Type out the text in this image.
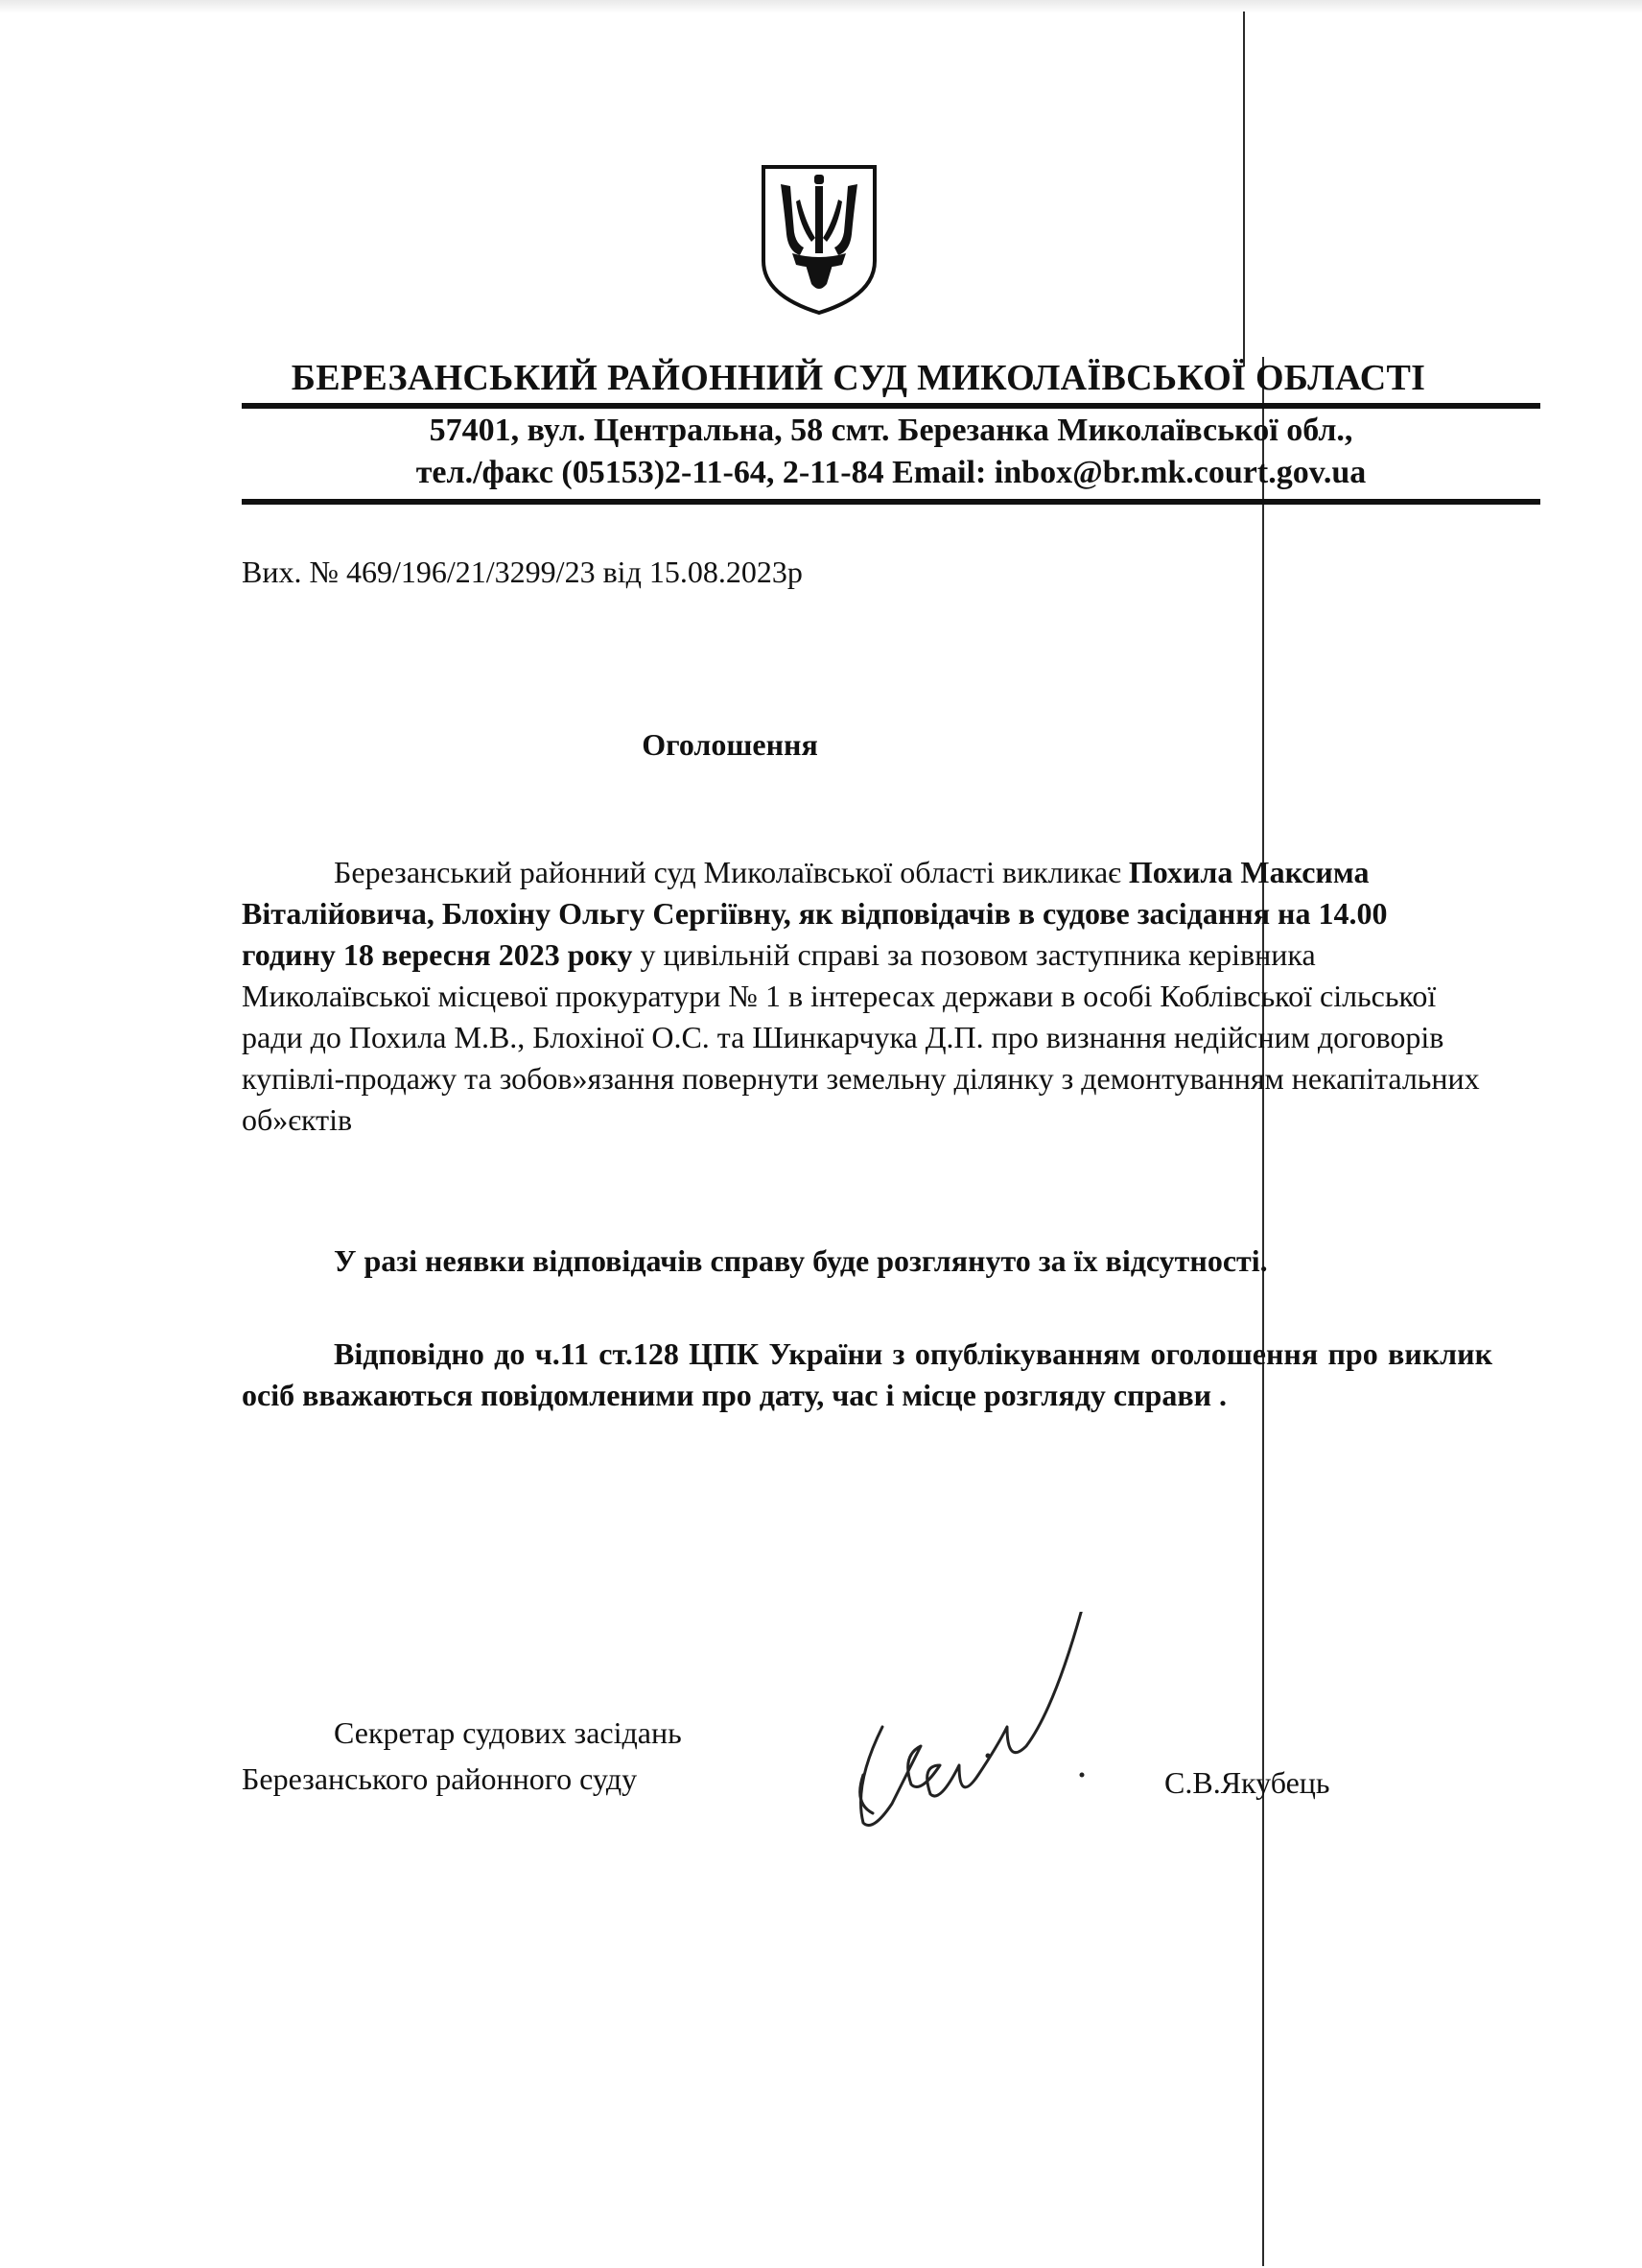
БЕРЕЗАНСЬКИЙ РАЙОННИЙ СУД МИКОЛАЇВСЬКОЇ ОБЛАСТІ
57401, вул. Центральна, 58 смт. Березанка Миколаївської обл.,
тел./факс (05153)2-11-64, 2-11-84 Email: inbox@br.mk.court.gov.ua
Вих. № 469/196/21/3299/23 від 15.08.2023р
Оголошення
Березанський районний суд Миколаївської області викликає Похила Максима Віталійовича, Блохіну Ольгу Сергіївну, як відповідачів в судове засідання на 14.00 годину 18 вересня 2023 року у цивільній справі за позовом заступника керівника Миколаївської місцевої прокуратури № 1 в інтересах держави в особі Коблівської сільської ради до Похила М.В., Блохіної О.С. та Шинкарчука Д.П. про визнання недійсним договорів купівлі-продажу та зобов»язання повернути земельну ділянку з демонтуванням некапітальних об»єктів
У разі неявки відповідачів справу буде розглянуто за їх відсутності.
Відповідно до ч.11 ст.128 ЦПК України з опублікуванням оголошення про виклик осіб вважаються повідомленими про дату, час і місце розгляду справи .
Секретар судових засідань
Березанського районного суду	С.В.Якубець
